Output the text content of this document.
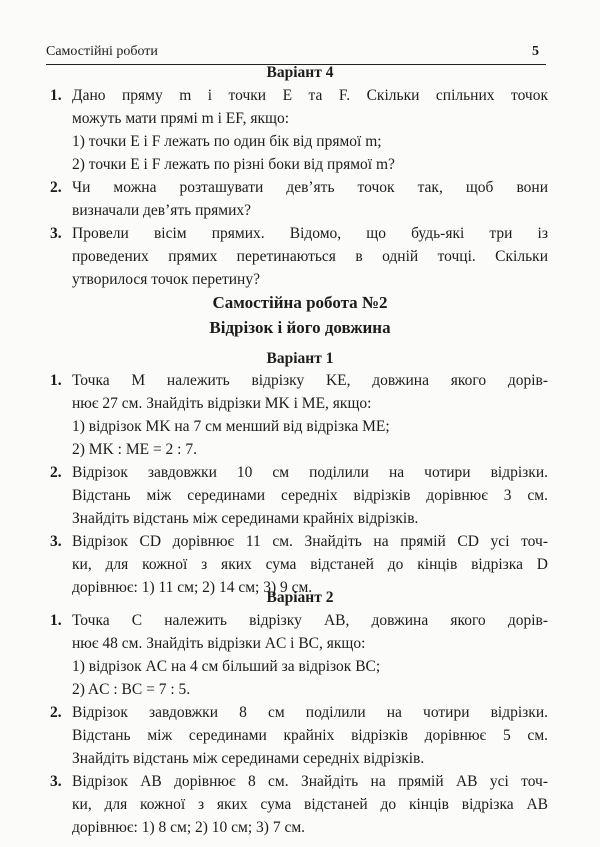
Самостійні роботи	5
Варіант 4
1. Дано пряму m і точки E та F. Скільки спільних точок
можуть мати прямі m і EF, якщо:
1) точки E і F лежать по один бік від прямої m;
2) точки E і F лежать по різні боки від прямої m?
2. Чи можна розташувати дев’ять точок так, щоб вони
визначали дев’ять прямих?
3. Провели вісім прямих. Відомо, що будь-які три із
проведених прямих перетинаються в одній точці. Скільки
утворилося точок перетину?
Самостійна робота №2
Відрізок і його довжина
Варіант 1
1. Точка M належить відрізку KE, довжина якого дорів-
нює 27 см. Знайдіть відрізки MK і ME, якщо:
1) відрізок MK на 7 см менший від відрізка ME;
2) MK : ME = 2 : 7.
2. Відрізок завдовжки 10 см поділили на чотири відрізки.
Відстань між серединами середніх відрізків дорівнює 3 см.
Знайдіть відстань між серединами крайніх відрізків.
3. Відрізок CD дорівнює 11 см. Знайдіть на прямій CD усі точ-
ки, для кожної з яких сума відстаней до кінців відрізка D
дорівнює: 1) 11 см; 2) 14 см; 3) 9 см.
Варіант 2
1. Точка C належить відрізку AB, довжина якого дорів-
нює 48 см. Знайдіть відрізки AC і BC, якщо:
1) відрізок AC на 4 см більший за відрізок BC;
2) AC : BC = 7 : 5.
2. Відрізок завдовжки 8 см поділили на чотири відрізки.
Відстань між серединами крайніх відрізків дорівнює 5 см.
Знайдіть відстань між серединами середніх відрізків.
3. Відрізок AB дорівнює 8 см. Знайдіть на прямій AB усі точ-
ки, для кожної з яких сума відстаней до кінців відрізка AB
дорівнює: 1) 8 см; 2) 10 см; 3) 7 см.
